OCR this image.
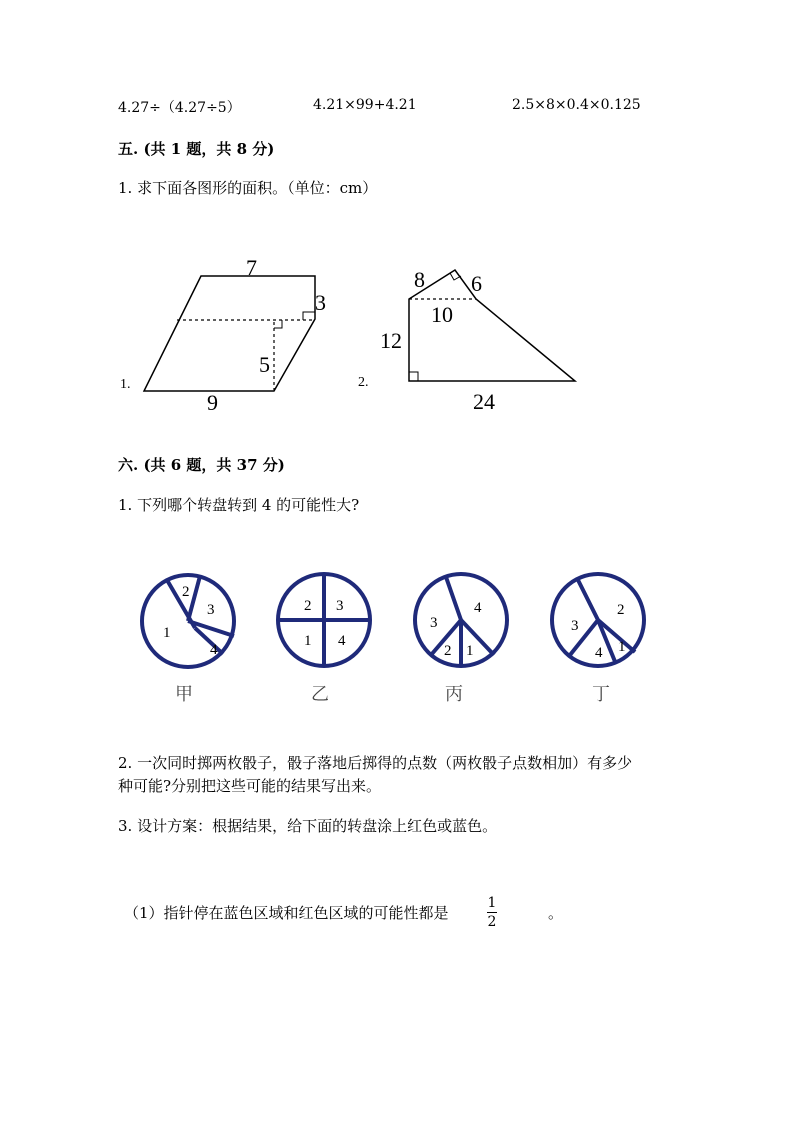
4.27÷（4.27÷5）	4.21×99+4.21	2.5×8×0.4×0.125
五. (共 1 题，共 8 分)
1. 求下面各图形的面积。（单位：cm）
1.
7
3
5
9
2.
8 6
10
12
24
六. (共 6 题，共 37 分)
1. 下列哪个转盘转到 4 的可能性大?
2
3
1
4
2 3
1 4
3
4
2 1
3
2
4 1
甲	乙	丙	丁
2. 一次同时掷两枚骰子，骰子落地后掷得的点数（两枚骰子点数相加）有多少
种可能?分别把这些可能的结果写出来。
3. 设计方案：根据结果，给下面的转盘涂上红色或蓝色。
（1）指针停在蓝色区域和红色区域的可能性都是
1
2	。
